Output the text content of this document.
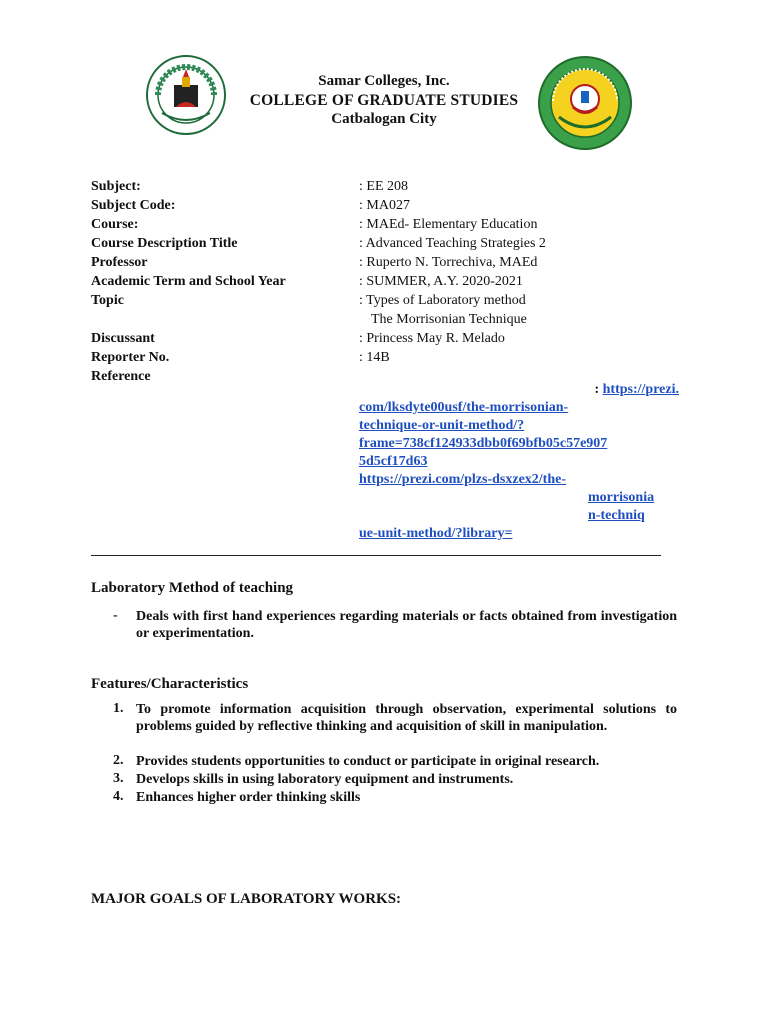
Samar Colleges, Inc.
COLLEGE OF GRADUATE STUDIES
Catbalogan City
Subject:	: EE 208
Subject Code:	: MA027
Course:	: MAEd- Elementary Education
Course Description Title	: Advanced Teaching Strategies 2
Professor	: Ruperto N. Torrechiva, MAEd
Academic Term and School Year	: SUMMER, A.Y. 2020-2021
Topic	: Types of Laboratory method
The Morrisonian Technique
Discussant	: Princess May R. Melado
Reporter No.	: 14B
Reference
: https://prezi.
com/lksdyte00usf/the-morrisonian-
technique-or-unit-method/?
frame=738cf124933dbb0f69bfb05c57e907
5d5cf17d63
https://prezi.com/plzs-dsxzex2/the-
morrisonia
n-techniq
ue-unit-method/?library=
Laboratory Method of teaching
- Deals with first hand experiences regarding materials or facts obtained from investigation or experimentation.
Features/Characteristics
1. To promote information acquisition through observation, experimental solutions to problems guided by reflective thinking and acquisition of skill in manipulation.
2. Provides students opportunities to conduct or participate in original research.
3. Develops skills in using laboratory equipment and instruments.
4. Enhances higher order thinking skills
MAJOR GOALS OF LABORATORY WORKS:
